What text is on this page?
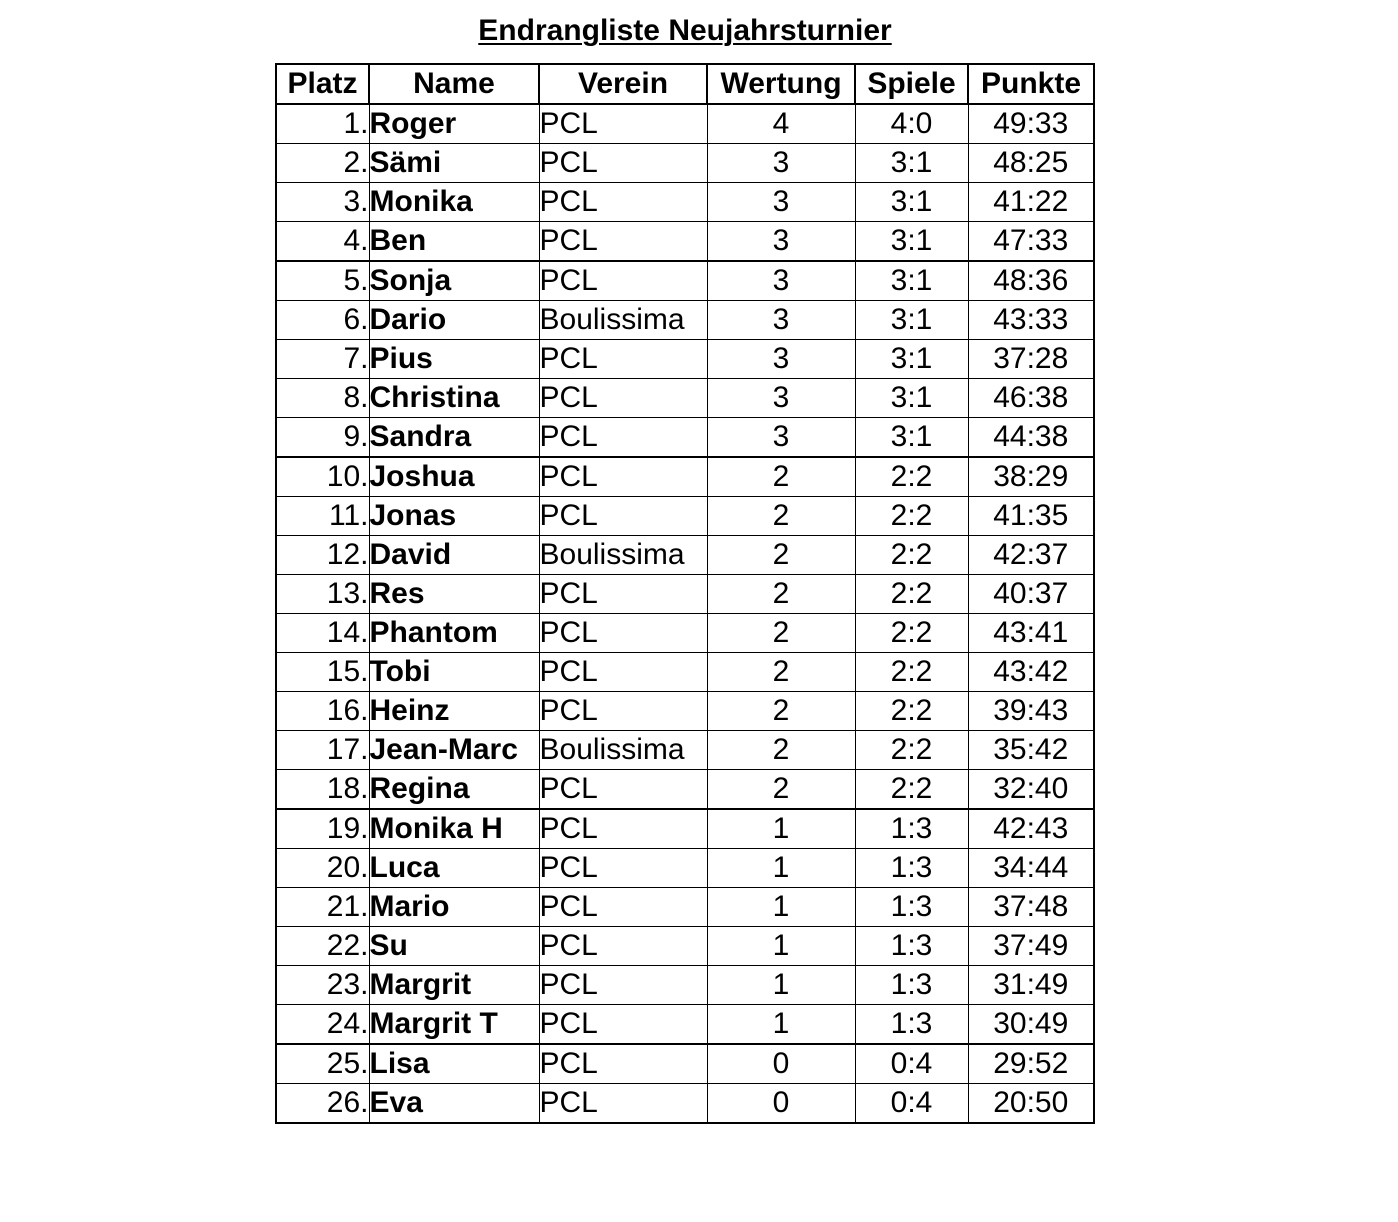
Endrangliste Neujahrsturnier
Platz	Name	Verein	Wertung	Spiele	Punkte
1.	Roger	PCL	4	4:0	49:33
2.	Sämi	PCL	3	3:1	48:25
3.	Monika	PCL	3	3:1	41:22
4.	Ben	PCL	3	3:1	47:33
5.	Sonja	PCL	3	3:1	48:36
6.	Dario	Boulissima	3	3:1	43:33
7.	Pius	PCL	3	3:1	37:28
8.	Christina	PCL	3	3:1	46:38
9.	Sandra	PCL	3	3:1	44:38
10.	Joshua	PCL	2	2:2	38:29
11.	Jonas	PCL	2	2:2	41:35
12.	David	Boulissima	2	2:2	42:37
13.	Res	PCL	2	2:2	40:37
14.	Phantom	PCL	2	2:2	43:41
15.	Tobi	PCL	2	2:2	43:42
16.	Heinz	PCL	2	2:2	39:43
17.	Jean-Marc	Boulissima	2	2:2	35:42
18.	Regina	PCL	2	2:2	32:40
19.	Monika H	PCL	1	1:3	42:43
20.	Luca	PCL	1	1:3	34:44
21.	Mario	PCL	1	1:3	37:48
22.	Su	PCL	1	1:3	37:49
23.	Margrit	PCL	1	1:3	31:49
24.	Margrit T	PCL	1	1:3	30:49
25.	Lisa	PCL	0	0:4	29:52
26.	Eva	PCL	0	0:4	20:50
